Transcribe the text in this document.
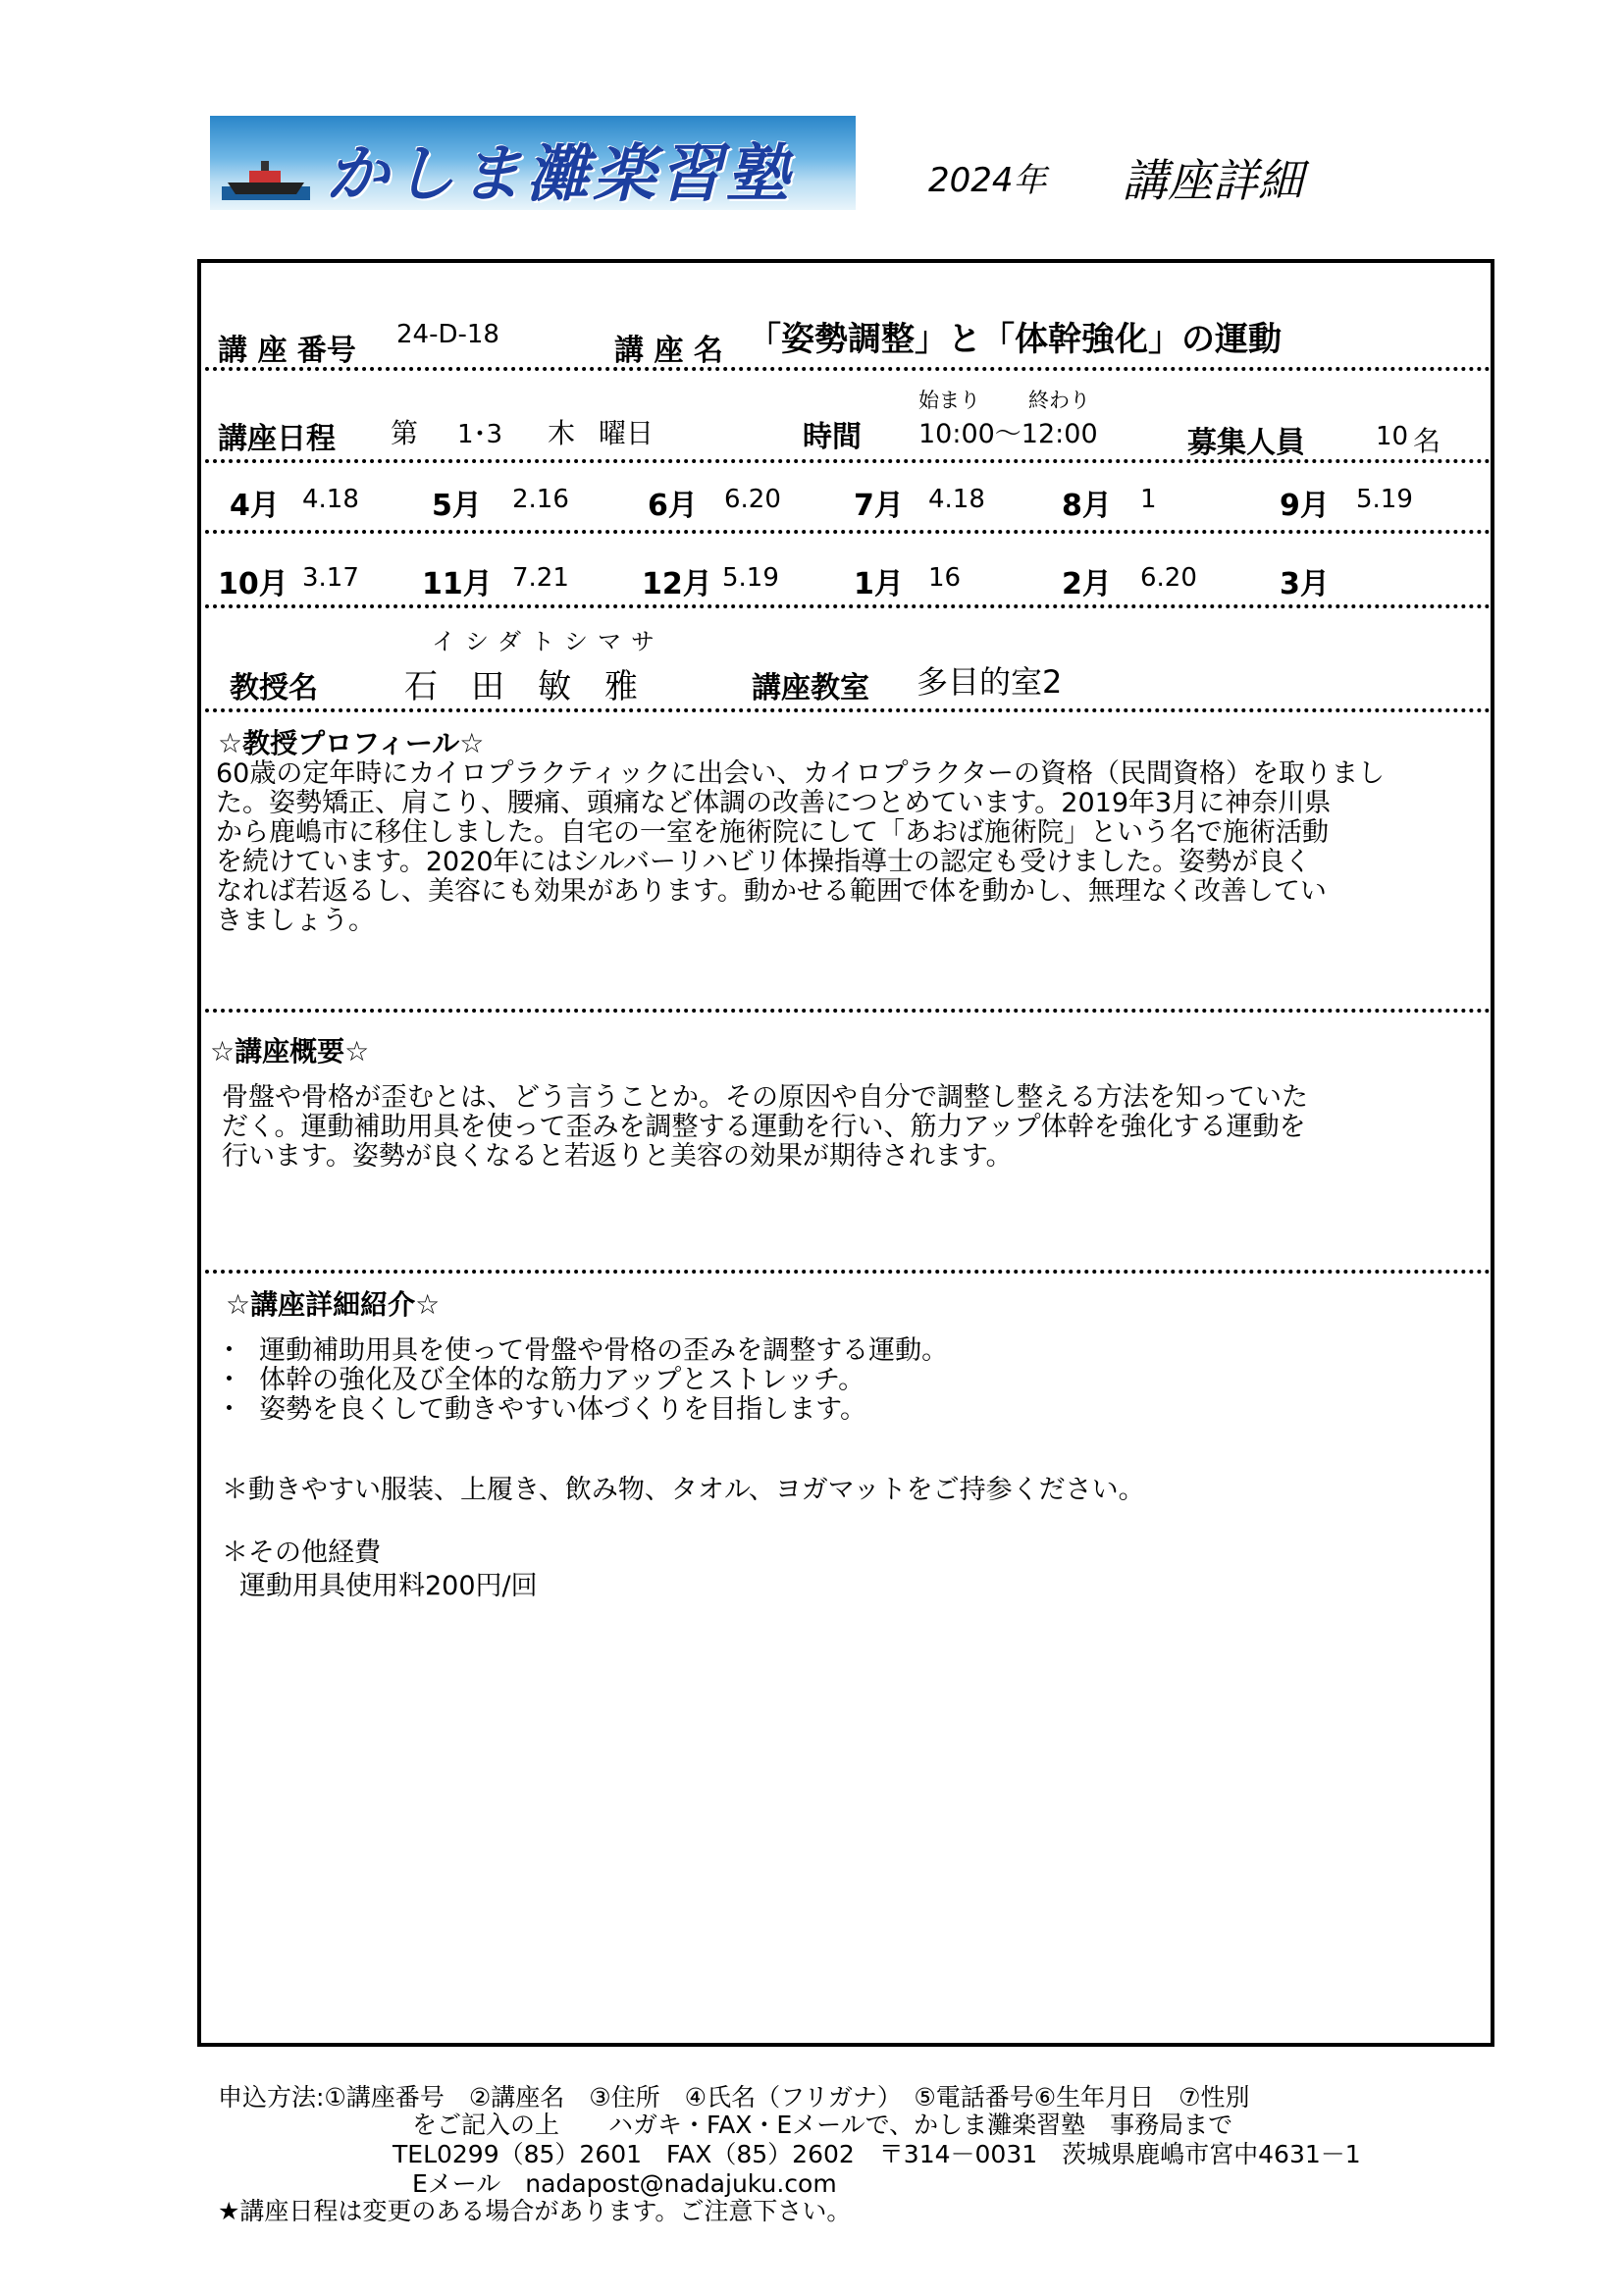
かしま灘楽習塾	2024年 講座詳細
講 座 番号 24-D-18	講 座 名 「姿勢調整」と「体幹強化」の運動
講座日程 第 1･3 木 曜日	時間
始まり 終わり
10:00〜12:00	募集人員	10 名
4月 4.18 5月 2.16	6月 6.20 7月 4.18	8月 1	9月 5.19
10月 3.17 11月 7.21 12月 5.19	1月 16	2月 6.20	3月
イシダトシマサ
教授名	石　田　敏　雅	講座教室 多目的室2
☆教授プロフィール☆
60歳の定年時にカイロプラクティックに出会い、カイロプラクターの資格（民間資格）を取りまし
た。姿勢矯正、肩こり、腰痛、頭痛など体調の改善につとめています。2019年3月に神奈川県
から鹿嶋市に移住しました。自宅の一室を施術院にして「あおば施術院」という名で施術活動
を続けています。2020年にはシルバーリハビリ体操指導士の認定も受けました。姿勢が良く
なれば若返るし、美容にも効果があります。動かせる範囲で体を動かし、無理なく改善してい
きましょう。
☆講座概要☆
骨盤や骨格が歪むとは、どう言うことか。その原因や自分で調整し整える方法を知っていた
だく。運動補助用具を使って歪みを調整する運動を行い、筋力アップ体幹を強化する運動を
行います。姿勢が良くなると若返りと美容の効果が期待されます。
☆講座詳細紹介☆
・ 運動補助用具を使って骨盤や骨格の歪みを調整する運動。
・ 体幹の強化及び全体的な筋力アップとストレッチ。
・ 姿勢を良くして動きやすい体づくりを目指します。
＊動きやすい服装、上履き、飲み物、タオル、ヨガマットをご持参ください。
＊その他経費
運動用具使用料200円/回
申込方法:①講座番号　②講座名　③住所　④氏名（フリガナ）　⑤電話番号⑥生年月日　⑦性別
をご記入の上　　ハガキ・FAX・Eメールで、かしま灘楽習塾　事務局まで
TEL0299（85）2601　FAX（85）2602　〒314－0031　茨城県鹿嶋市宮中4631－1
Eメール　nadapost@nadajuku.com
★講座日程は変更のある場合があります。ご注意下さい。
